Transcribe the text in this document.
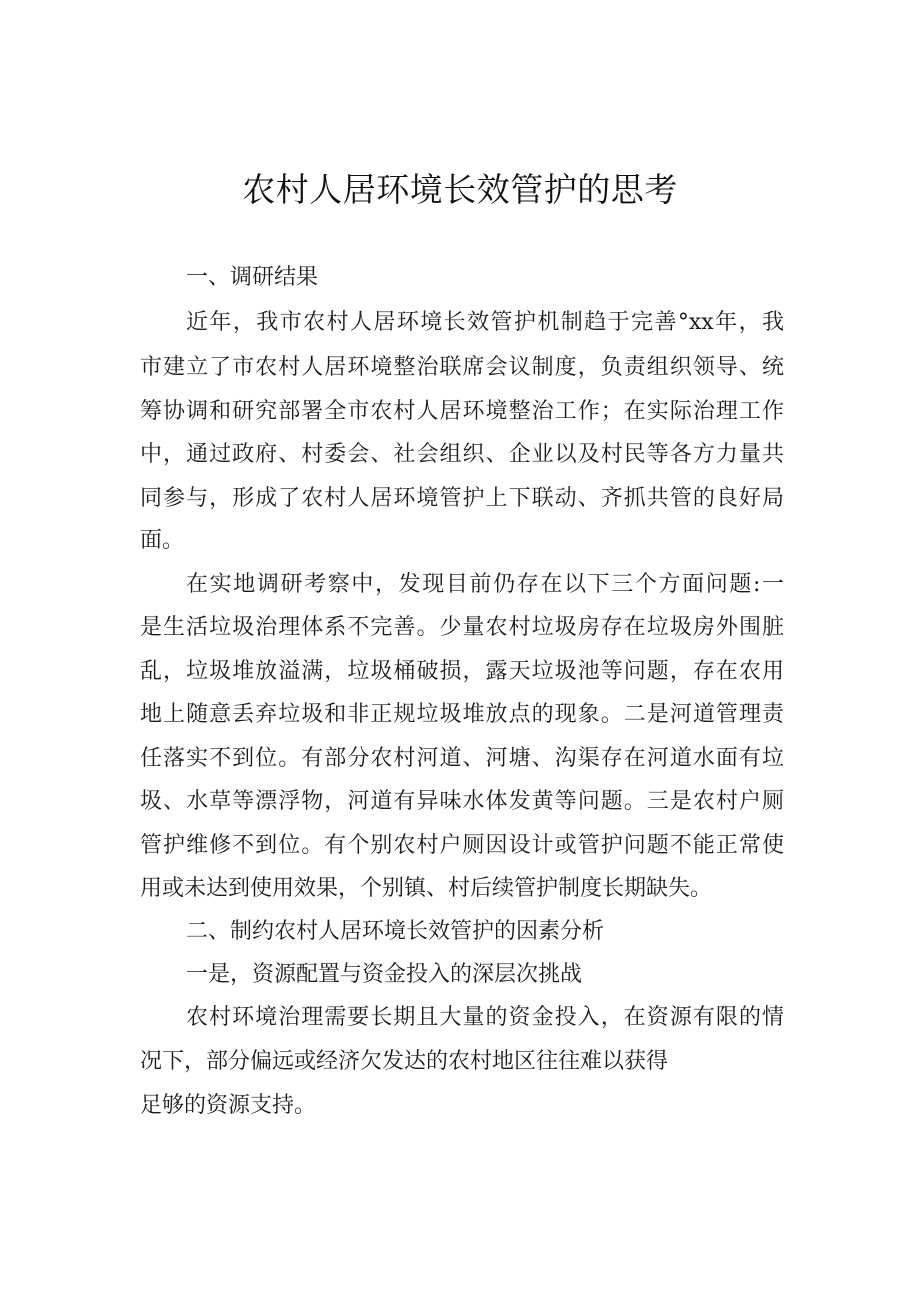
农村人居环境长效管护的思考
一、调研结果
近年，我市农村人居环境长效管护机制趋于完善°xx年，我
市建立了市农村人居环境整治联席会议制度，负责组织领导、统
筹协调和研究部署全市农村人居环境整治工作；在实际治理工作
中，通过政府、村委会、社会组织、企业以及村民等各方力量共
同参与，形成了农村人居环境管护上下联动、齐抓共管的良好局
面。
在实地调研考察中，发现目前仍存在以下三个方面问题:一
是生活垃圾治理体系不完善。少量农村垃圾房存在垃圾房外围脏
乱，垃圾堆放溢满，垃圾桶破损，露天垃圾池等问题，存在农用
地上随意丢弃垃圾和非正规垃圾堆放点的现象。二是河道管理责
任落实不到位。有部分农村河道、河塘、沟渠存在河道水面有垃
圾、水草等漂浮物，河道有异味水体发黄等问题。三是农村户厕
管护维修不到位。有个别农村户厕因设计或管护问题不能正常使
用或未达到使用效果，个别镇、村后续管护制度长期缺失。
二、制约农村人居环境长效管护的因素分析
一是，资源配置与资金投入的深层次挑战
农村环境治理需要长期且大量的资金投入，在资源有限的情
况下，部分偏远或经济欠发达的农村地区往往难以获得
足够的资源支持。
